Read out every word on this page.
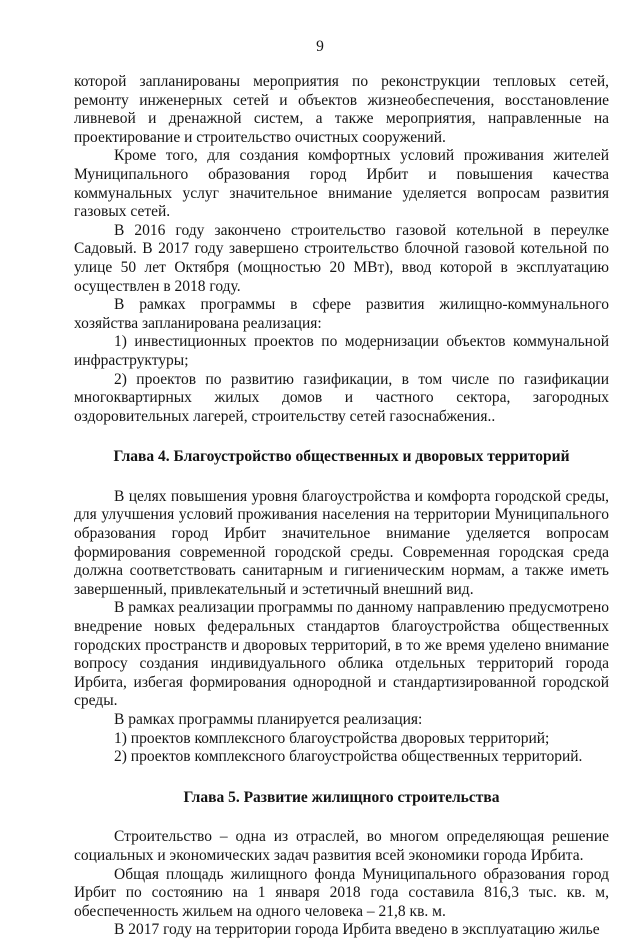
9

которой запланированы мероприятия по реконструкции тепловых сетей, ремонту инженерных сетей и объектов жизнеобеспечения, восстановление ливневой и дренажной систем, а также мероприятия, направленные на проектирование и строительство очистных сооружений.

Кроме того, для создания комфортных условий проживания жителей Муниципального образования город Ирбит и повышения качества коммунальных услуг значительное внимание уделяется вопросам развития газовых сетей.

В 2016 году закончено строительство газовой котельной в переулке Садовый. В 2017 году завершено строительство блочной газовой котельной по улице 50 лет Октября (мощностью 20 МВт), ввод которой в эксплуатацию осуществлен в 2018 году.

В рамках программы в сфере развития жилищно-коммунального хозяйства запланирована реализация:

1) инвестиционных проектов по модернизации объектов коммунальной инфраструктуры;

2) проектов по развитию газификации, в том числе по газификации многоквартирных жилых домов и частного сектора, загородных оздоровительных лагерей, строительству сетей газоснабжения..

Глава 4. Благоустройство общественных и дворовых территорий

В целях повышения уровня благоустройства и комфорта городской среды, для улучшения условий проживания населения на территории Муниципального образования город Ирбит значительное внимание уделяется вопросам формирования современной городской среды. Современная городская среда должна соответствовать санитарным и гигиеническим нормам, а также иметь завершенный, привлекательный и эстетичный внешний вид.

В рамках реализации программы по данному направлению предусмотрено внедрение новых федеральных стандартов благоустройства общественных городских пространств и дворовых территорий, в то же время уделено внимание вопросу создания индивидуального облика отдельных территорий города Ирбита, избегая формирования однородной и стандартизированной городской среды.

В рамках программы планируется реализация:

1) проектов комплексного благоустройства дворовых территорий;

2) проектов комплексного благоустройства общественных территорий.

Глава 5. Развитие жилищного строительства

Строительство – одна из отраслей, во многом определяющая решение социальных и экономических задач развития всей экономики города Ирбита.

Общая площадь жилищного фонда Муниципального образования город Ирбит по состоянию на 1 января 2018 года составила 816,3 тыс. кв. м, обеспеченность жильем на одного человека – 21,8 кв. м.

В 2017 году на территории города Ирбита введено в эксплуатацию жилье
